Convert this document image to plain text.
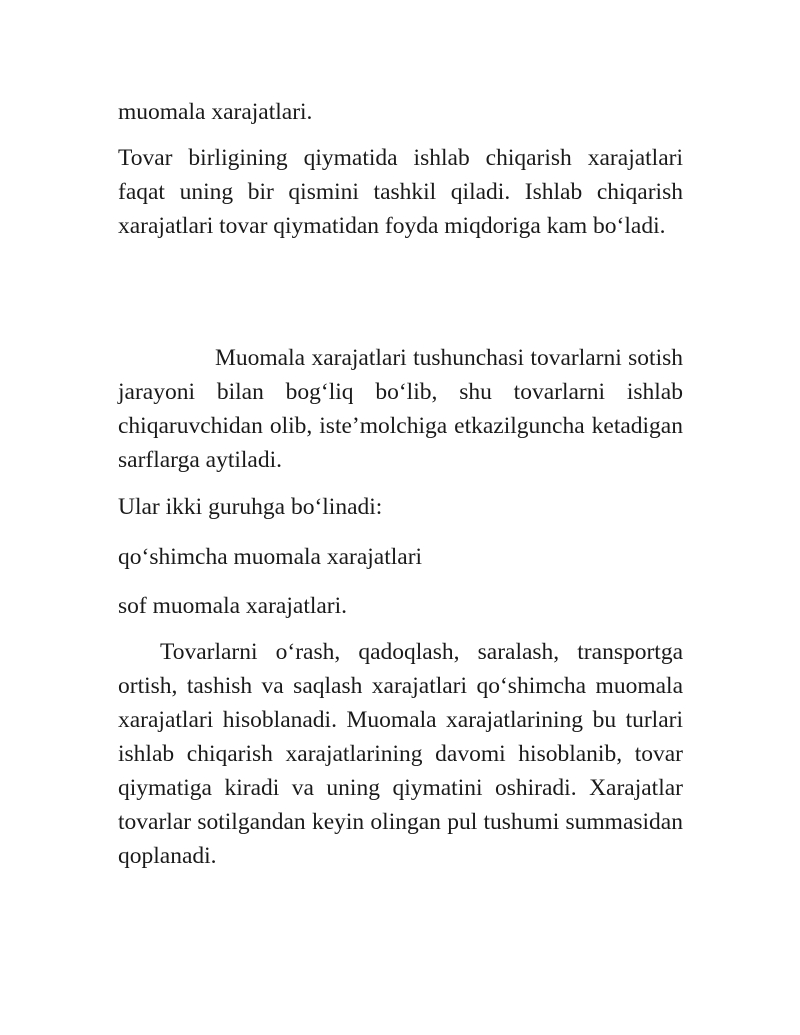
muomala xarajatlari.

Tovar birligining qiymatida ishlab chiqarish xarajatlari faqat uning bir qismini tashkil qiladi. Ishlab chiqarish xarajatlari tovar qiymatidan foyda miqdoriga kam bo‘ladi.

Muomala xarajatlari tushunchasi tovarlarni sotish jarayoni bilan bog‘liq bo‘lib, shu tovarlarni ishlab chiqaruvchidan olib, iste’molchiga etkazilguncha ketadigan sarflarga aytiladi.

Ular ikki guruhga bo‘linadi:

qo‘shimcha muomala xarajatlari

sof muomala xarajatlari.

Tovarlarni o‘rash, qadoqlash, saralash, transportga ortish, tashish va saqlash xarajatlari qo‘shimcha muomala xarajatlari hisoblanadi. Muomala xarajatlarining bu turlari ishlab chiqarish xarajatlarining davomi hisoblanib, tovar qiymatiga kiradi va uning qiymatini oshiradi. Xarajatlar tovarlar sotilgandan keyin olingan pul tushumi summasidan qoplanadi.
